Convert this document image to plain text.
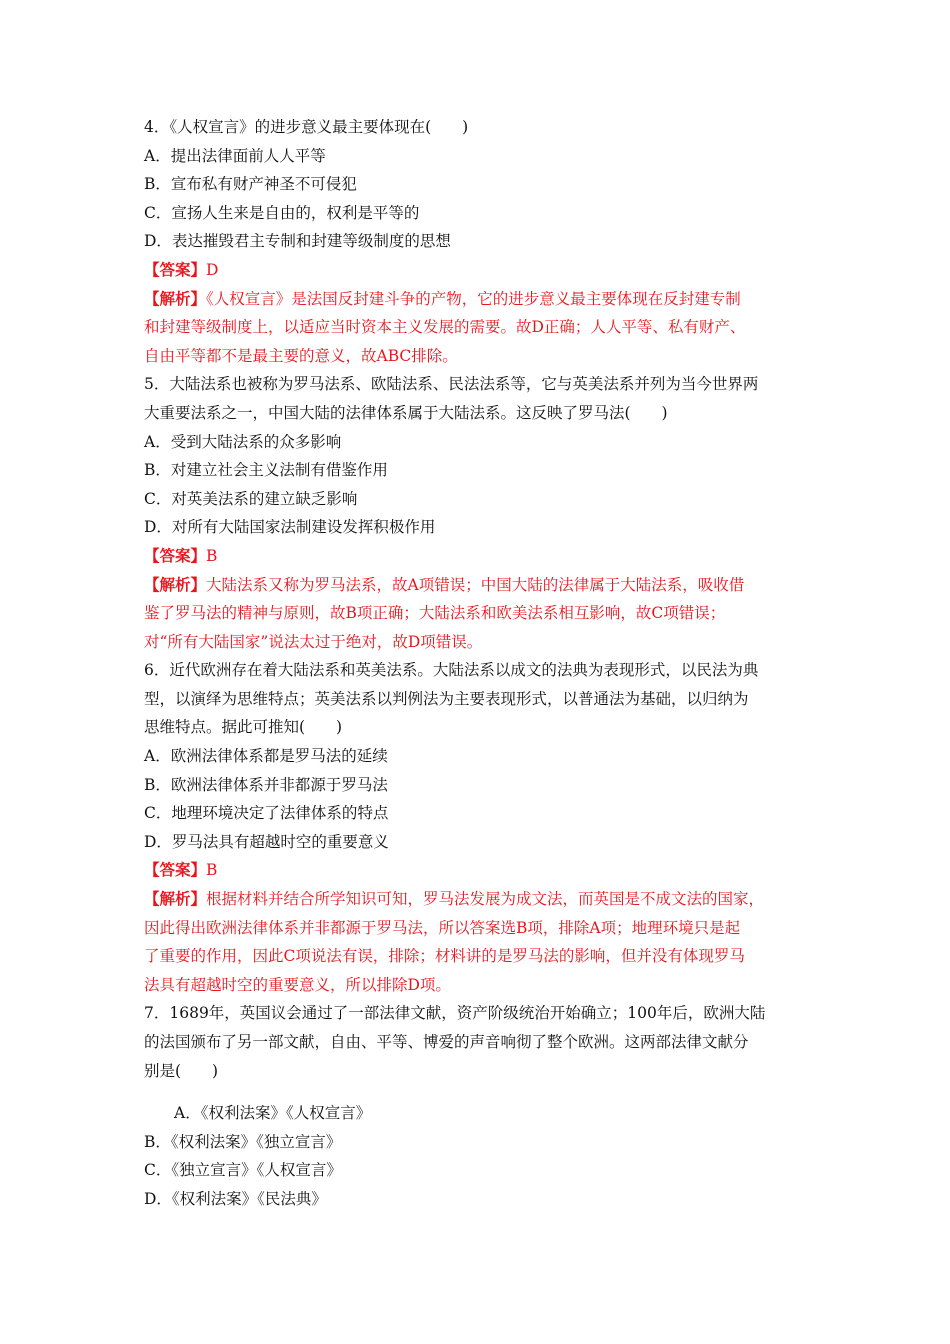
4．《人权宣言》的进步意义最主要体现在(　　)

A．提出法律面前人人平等

B．宣布私有财产神圣不可侵犯

C．宣扬人生来是自由的，权利是平等的

D．表达摧毁君主专制和封建等级制度的思想

【答案】D

【解析】《人权宣言》是法国反封建斗争的产物，它的进步意义最主要体现在反封建专制

和封建等级制度上，以适应当时资本主义发展的需要。故D正确；人人平等、私有财产、

自由平等都不是最主要的意义，故ABC排除。

5．大陆法系也被称为罗马法系、欧陆法系、民法法系等，它与英美法系并列为当今世界两

大重要法系之一，中国大陆的法律体系属于大陆法系。这反映了罗马法(　　)

A．受到大陆法系的众多影响

B．对建立社会主义法制有借鉴作用

C．对英美法系的建立缺乏影响

D．对所有大陆国家法制建设发挥积极作用

【答案】B

【解析】大陆法系又称为罗马法系，故A项错误；中国大陆的法律属于大陆法系，吸收借

鉴了罗马法的精神与原则，故B项正确；大陆法系和欧美法系相互影响，故C项错误；

对“所有大陆国家”说法太过于绝对，故D项错误。

6．近代欧洲存在着大陆法系和英美法系。大陆法系以成文的法典为表现形式，以民法为典

型，以演绎为思维特点；英美法系以判例法为主要表现形式，以普通法为基础，以归纳为

思维特点。据此可推知(　　)

A．欧洲法律体系都是罗马法的延续

B．欧洲法律体系并非都源于罗马法

C．地理环境决定了法律体系的特点

D．罗马法具有超越时空的重要意义

【答案】B

【解析】根据材料并结合所学知识可知，罗马法发展为成文法，而英国是不成文法的国家，

因此得出欧洲法律体系并非都源于罗马法，所以答案选B项，排除A项；地理环境只是起

了重要的作用，因此C项说法有误，排除；材料讲的是罗马法的影响，但并没有体现罗马

法具有超越时空的重要意义，所以排除D项。

7．1689年，英国议会通过了一部法律文献，资产阶级统治开始确立；100年后，欧洲大陆

的法国颁布了另一部文献，自由、平等、博爱的声音响彻了整个欧洲。这两部法律文献分

别是(　　)

A．《权利法案》《人权宣言》

B．《权利法案》《独立宣言》

C．《独立宣言》《人权宣言》

D．《权利法案》《民法典》
